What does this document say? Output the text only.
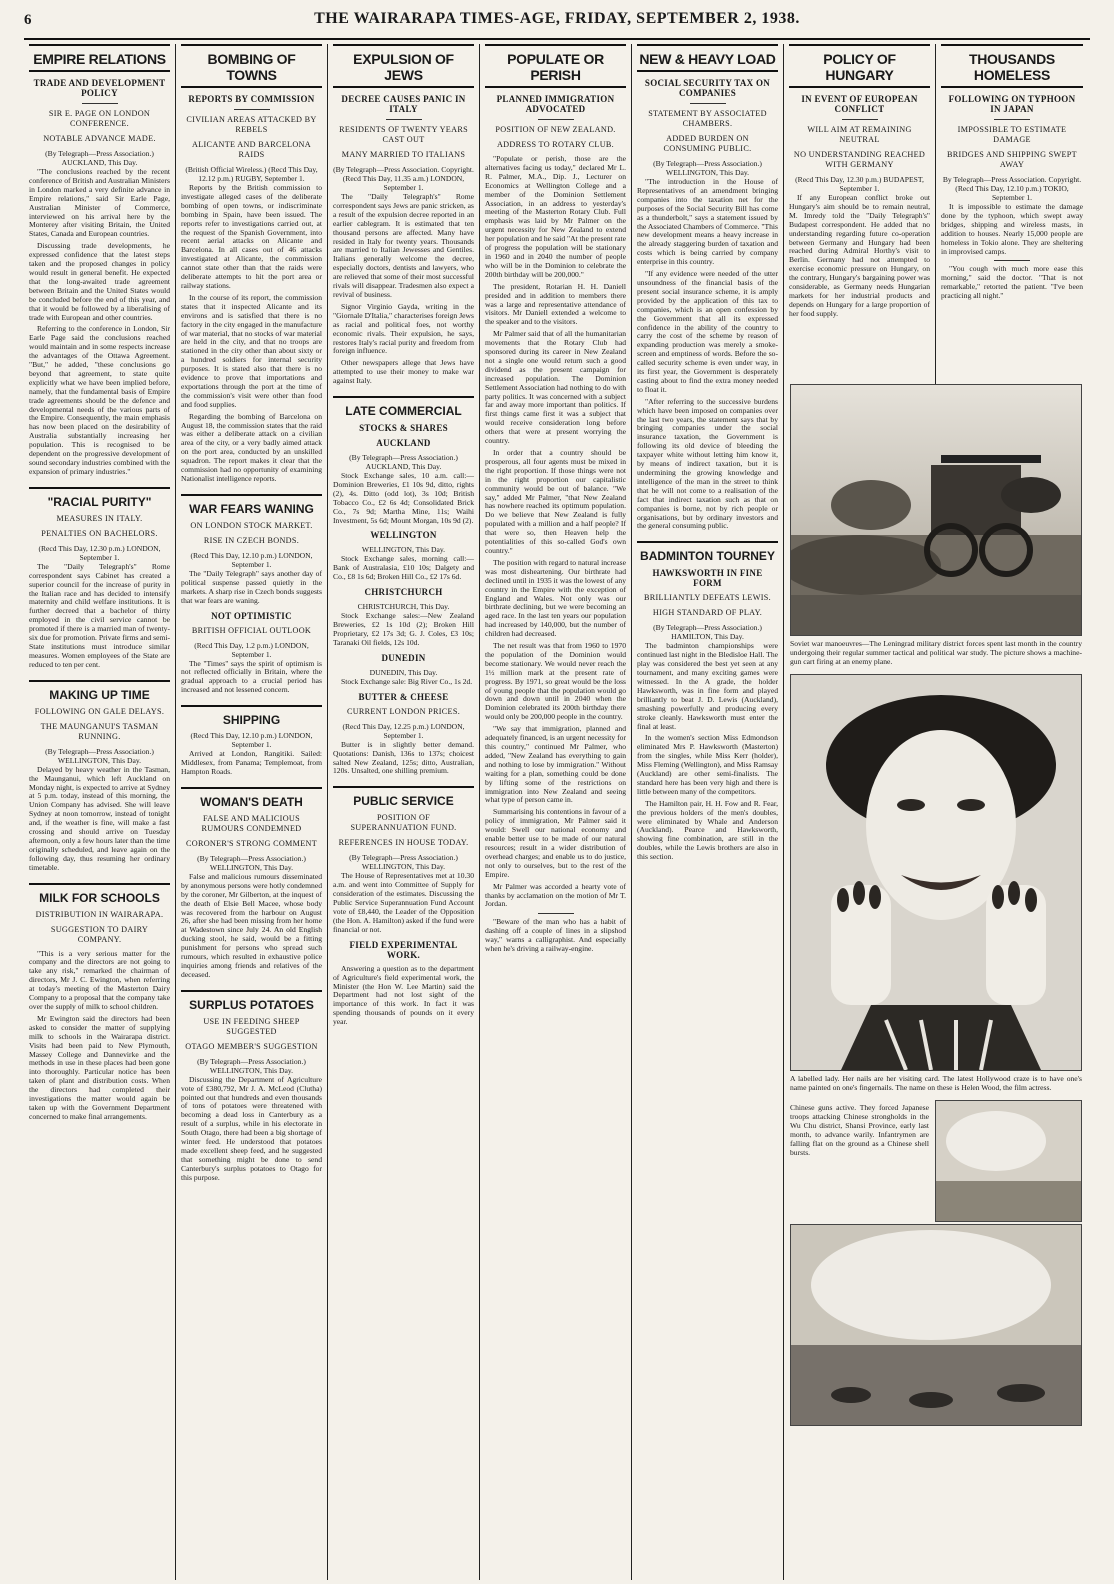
6	THE WAIRARAPA TIMES-AGE, FRIDAY, SEPTEMBER 2, 1938.
EMPIRE RELATIONS
TRADE AND DEVELOPMENT POLICY
SIR E. PAGE ON LONDON CONFERENCE.
NOTABLE ADVANCE MADE.
(By Telegraph—Press Association.) AUCKLAND, This Day.

"The conclusions reached by the recent conference of British and Australian Ministers in London marked a very definite advance in Empire relations," said Sir Earle Page, Australian Minister of Commerce, interviewed on his arrival here by the Monterey after visiting Britain, the United States, Canada and European countries.

Discussing trade developments, he expressed confidence that the latest steps taken and the proposed changes in policy would result in general benefit. He expected that the long-awaited trade agreement between Britain and the United States would be concluded before the end of this year, and that it would be followed by a liberalising of trade with European and other countries.

Referring to the conference in London, Sir Earle Page said the conclusions reached would maintain and in some respects increase the advantages of the Ottawa Agreement. "But," he added, "these conclusions go beyond that agreement, to state quite explicitly what we have been implied before, namely, that the fundamental basis of Empire trade agreements should be the defence and developmental needs of the various parts of the Empire. Consequently, the main emphasis has now been placed on the desirability of Australia substantially increasing her population. This is recognised to be dependent on the progressive development of sound secondary industries combined with the expansion of primary industries."

"RACIAL PURITY"
MEASURES IN ITALY.
PENALTIES ON BACHELORS.
(Recd This Day, 12.30 p.m.) LONDON, September 1.

The "Daily Telegraph's" Rome correspondent says Cabinet has created a superior council for the increase of purity in the Italian race and has decided to intensify maternity and child welfare institutions. It is further decreed that a bachelor of thirty employed in the civil service cannot be promoted if there is a married man of twenty-six due for promotion. Private firms and semi-State institutions must introduce similar measures. Women employees of the State are reduced to ten per cent.

MAKING UP TIME
FOLLOWING ON GALE DELAYS.
THE MAUNGANUI'S TASMAN RUNNING.
(By Telegraph—Press Association.) WELLINGTON, This Day.

Delayed by heavy weather in the Tasman, the Maunganui, which left Auckland on Monday night, is expected to arrive at Sydney at 5 p.m. today, instead of this morning, the Union Company has advised. She will leave Sydney at noon tomorrow, instead of tonight and, if the weather is fine, will make a fast crossing and should arrive on Tuesday afternoon, only a few hours later than the time originally scheduled, and leave again on the following day, thus resuming her ordinary timetable.

MILK FOR SCHOOLS
DISTRIBUTION IN WAIRARAPA.
SUGGESTION TO DAIRY COMPANY.

"This is a very serious matter for the company and the directors are not going to take any risk," remarked the chairman of directors, Mr J. C. Ewington, when referring at today's meeting of the Masterton Dairy Company to a proposal that the company take over the supply of milk to school children.

Mr Ewington said the directors had been asked to consider the matter of supplying milk to schools in the Wairarapa district. Visits had been paid to New Plymouth, Massey College and Dannevirke and the methods in use in these places had been gone into thoroughly. Particular notice has been taken of plant and distribution costs. When the directors had completed their investigations the matter would again be taken up with the Government Department concerned to make final arrangements.

BOMBING OF TOWNS
REPORTS BY COMMISSION
CIVILIAN AREAS ATTACKED BY REBELS
ALICANTE AND BARCELONA RAIDS
(British Official Wireless.) (Recd This Day, 12.12 p.m.) RUGBY, September 1.

Reports by the British commission to investigate alleged cases of the deliberate bombing of open towns, or indiscriminate bombing in Spain, have been issued. The reports refer to investigations carried out, at the request of the Spanish Government, into recent aerial attacks on Alicante and Barcelona. In all cases out of 46 attacks investigated at Alicante, the commission cannot state other than that the raids were deliberate attempts to hit the port area or railway stations.

In the course of its report, the commission states that it inspected Alicante and its environs and is satisfied that there is no factory in the city engaged in the manufacture of war material, that no stocks of war material are held in the city, and that no troops are stationed in the city other than about sixty or a hundred soldiers for internal security purposes. It is stated also that there is no evidence to prove that importations and exportations through the port at the time of the commission's visit were other than food and food supplies.

Regarding the bombing of Barcelona on August 18, the commission states that the raid was either a deliberate attack on a civilian area of the city, or a very badly aimed attack on the port area, conducted by an unskilled squadron. The report makes it clear that the commission had no opportunity of examining Nationalist intelligence reports.

WAR FEARS WANING
ON LONDON STOCK MARKET.
RISE IN CZECH BONDS.
(Recd This Day, 12.10 p.m.) LONDON, September 1.

The "Daily Telegraph" says another day of political suspense passed quietly in the markets. A sharp rise in Czech bonds suggests that war fears are waning.

NOT OPTIMISTIC
BRITISH OFFICIAL OUTLOOK
(Recd This Day, 1.2 p.m.) LONDON, September 1.

The "Times" says the spirit of optimism is not reflected officially in Britain, where the gradual approach to a crucial period has increased and not lessened concern.

SHIPPING
(Recd This Day, 12.10 p.m.) LONDON, September 1.

Arrived at London, Rangitiki. Sailed: Middlesex, from Panama; Templemoat, from Hampton Roads.

WOMAN'S DEATH
FALSE AND MALICIOUS RUMOURS CONDEMNED
CORONER'S STRONG COMMENT
(By Telegraph—Press Association.) WELLINGTON, This Day.

False and malicious rumours disseminated by anonymous persons were hotly condemned by the coroner, Mr Gilberton, at the inquest of the death of Elsie Bell Macee, whose body was recovered from the harbour on August 26, after she had been missing from her home at Wadestown since July 24. An old English ducking stool, he said, would be a fitting punishment for persons who spread such rumours, which resulted in exhaustive police inquiries among friends and relatives of the deceased.

SURPLUS POTATOES
USE IN FEEDING SHEEP SUGGESTED
OTAGO MEMBER'S SUGGESTION
(By Telegraph—Press Association.) WELLINGTON, This Day.

Discussing the Department of Agriculture vote of £380,792, Mr J. A. McLeod (Clutha) pointed out that hundreds and even thousands of tons of potatoes were threatened with becoming a dead loss in Canterbury as a result of a surplus, while in his electorate in South Otago, there had been a big shortage of winter feed. He understood that potatoes made excellent sheep feed, and he suggested that something might be done to send Canterbury's surplus potatoes to Otago for this purpose.

EXPULSION OF JEWS
DECREE CAUSES PANIC IN ITALY
RESIDENTS OF TWENTY YEARS CAST OUT
MANY MARRIED TO ITALIANS
(By Telegraph—Press Association. Copyright. (Recd This Day, 11.35 a.m.) LONDON, September 1.

The "Daily Telegraph's" Rome correspondent says Jews are panic stricken, as a result of the expulsion decree reported in an earlier cablegram. It is estimated that ten thousand persons are affected. Many have resided in Italy for twenty years. Thousands are married to Italian Jewesses and Gentiles. Italians generally welcome the decree, especially doctors, dentists and lawyers, who are relieved that some of their most successful rivals will disappear. Tradesmen also expect a revival of business.

Signor Virginio Gayda, writing in the "Giornale D'Italia," characterises foreign Jews as racial and political foes, not worthy economic rivals. Their expulsion, he says, restores Italy's racial purity and freedom from foreign influence.

Other newspapers allege that Jews have attempted to use their money to make war against Italy.

LATE COMMERCIAL
STOCKS & SHARES
AUCKLAND
(By Telegraph—Press Association.) AUCKLAND, This Day.

Stock Exchange sales, 10 a.m. call:—Dominion Breweries, £1 10s 9d, ditto, rights (2), 4s. Ditto (odd lot), 3s 10d; British Tobacco Co., £2 6s 4d; Consolidated Brick Co., 7s 9d; Martha Mine, 11s; Waihi Investment, 5s 6d; Mount Morgan, 10s 9d (2).

WELLINGTON
WELLINGTON, This Day.

Stock Exchange sales, morning call:—Bank of Australasia, £10 10s; Dalgety and Co., £8 1s 6d; Broken Hill Co., £2 17s 6d.

CHRISTCHURCH
CHRISTCHURCH, This Day.

Stock Exchange sales:—New Zealand Breweries, £2 1s 10d (2); Broken Hill Proprietary, £2 17s 3d; G. J. Coles, £3 10s; Taranaki Oil fields, 12s 10d.

DUNEDIN
DUNEDIN, This Day.

Stock Exchange sale: Big River Co., 1s 2d.

BUTTER & CHEESE
CURRENT LONDON PRICES.
(Recd This Day, 12.25 p.m.) LONDON, September 1.

Butter is in slightly better demand. Quotations: Danish, 136s to 137s; choicest salted New Zealand, 125s; ditto, Australian, 120s. Unsalted, one shilling premium.

PUBLIC SERVICE
POSITION OF SUPERANNUATION FUND.
REFERENCES IN HOUSE TODAY.
(By Telegraph—Press Association.) WELLINGTON, This Day.

The House of Representatives met at 10.30 a.m. and went into Committee of Supply for consideration of the estimates. Discussing the Public Service Superannuation Fund Account vote of £8,440, the Leader of the Opposition (the Hon. A. Hamilton) asked if the fund were financial or not.

FIELD EXPERIMENTAL WORK.

Answering a question as to the department of Agriculture's field experimental work, the Minister (the Hon W. Lee Martin) said the Department had not lost sight of the importance of this work. In fact it was spending thousands of pounds on it every year.

POPULATE OR PERISH
PLANNED IMMIGRATION ADVOCATED
POSITION OF NEW ZEALAND.
ADDRESS TO ROTARY CLUB.

"Populate or perish, those are the alternatives facing us today," declared Mr L. R. Palmer, M.A., Dip. J., Lecturer on Economics at Wellington College and a member of the Dominion Settlement Association, in an address to yesterday's meeting of the Masterton Rotary Club. Full emphasis was laid by Mr Palmer on the urgent necessity for New Zealand to extend her population and he said "At the present rate of progress the population will be stationary in 1960 and in 2040 the number of people who will be in the Dominion to celebrate the 200th birthday will be 200,000."

The president, Rotarian H. H. Daniell presided and in addition to members there was a large and representative attendance of visitors. Mr Daniell extended a welcome to the speaker and to the visitors.

Mr Palmer said that of all the humanitarian movements that the Rotary Club had sponsored during its career in New Zealand not a single one would return such a good dividend as the present campaign for increased population. The Dominion Settlement Association had nothing to do with party politics. It was concerned with a subject far and away more important than politics. If first things came first it was a subject that would receive consideration long before others that were at present worrying the country.

In order that a country should be prosperous, all four agents must be mixed in the right proportion. If those things were not in the right proportion our capitalistic community would be out of balance. "We say," added Mr Palmer, "that New Zealand has nowhere reached its optimum population. Do we believe that New Zealand is fully populated with a million and a half people? If that were so, then Heaven help the potentialities of this so-called God's own country."

The position with regard to natural increase was most disheartening. Our birthrate had declined until in 1935 it was the lowest of any country in the Empire with the exception of England and Wales. Not only was our birthrate declining, but we were becoming an aged race. In the last ten years our population had increased by 140,000, but the number of children had decreased.

The net result was that from 1960 to 1970 the population of the Dominion would become stationary. We would never reach the 1½ million mark at the present rate of progress. By 1971, so great would be the loss of young people that the population would go down and down until in 2040 when the Dominion celebrated its 200th birthday there would only be 200,000 people in the country.

"We say that immigration, planned and adequately financed, is an urgent necessity for this country," continued Mr Palmer, who added, "New Zealand has everything to gain and nothing to lose by immigration." Without waiting for a plan, something could be done by lifting some of the restrictions on immigration into New Zealand and seeing what type of person came in.

Summarising his contentions in favour of a policy of immigration, Mr Palmer said it would: Swell our national economy and enable better use to be made of our natural resources; result in a wider distribution of overhead charges; and enable us to do justice, not only to ourselves, but to the rest of the Empire.

Mr Palmer was accorded a hearty vote of thanks by acclamation on the motion of Mr T. Jordan.

"Beware of the man who has a habit of dashing off a couple of lines in a slipshod way," warns a calligraphist. And especially when he's driving a railway-engine.

NEW & HEAVY LOAD
SOCIAL SECURITY TAX ON COMPANIES
STATEMENT BY ASSOCIATED CHAMBERS.
ADDED BURDEN ON CONSUMING PUBLIC.
(By Telegraph—Press Association.) WELLINGTON, This Day.

"The introduction in the House of Representatives of an amendment bringing companies into the taxation net for the purposes of the Social Security Bill has come as a thunderbolt," says a statement issued by the Associated Chambers of Commerce. "This new development means a heavy increase in the already staggering burden of taxation and costs which is being carried by company enterprise in this country.

"If any evidence were needed of the utter unsoundness of the financial basis of the present social insurance scheme, it is amply provided by the application of this tax to companies, which is an open confession by the Government that all its expressed confidence in the ability of the country to carry the cost of the scheme by reason of expanding production was merely a smoke-screen and emptiness of words. Before the so-called security scheme is even under way, in its first year, the Government is desperately casting about to find the extra money needed to float it.

"After referring to the successive burdens which have been imposed on companies over the last two years, the statement says that by bringing companies under the social insurance taxation, the Government is following its old device of bleeding the taxpayer white without letting him know it, by means of indirect taxation, but it is undermining the growing knowledge and intelligence of the man in the street to think that he will not come to a realisation of the fact that indirect taxation such as that on companies is borne, not by rich people or organisations, but by ordinary investors and the general consuming public.

BADMINTON TOURNEY
HAWKSWORTH IN FINE FORM
BRILLIANTLY DEFEATS LEWIS.
HIGH STANDARD OF PLAY.
(By Telegraph—Press Association.) HAMILTON, This Day.

The badminton championships were continued last night in the Bledisloe Hall. The play was considered the best yet seen at any tournament, and many exciting games were witnessed. In the A grade, the holder Hawksworth, was in fine form and played brilliantly to beat J. D. Lewis (Auckland), smashing powerfully and producing every stroke cleanly. Hawksworth must enter the final at least.

In the women's section Miss Edmondson eliminated Mrs P. Hawksworth (Masterton) from the singles, while Miss Kerr (holder), Miss Fleming (Wellington), and Miss Ramsay (Auckland) are other semi-finalists. The standard here has been very high and there is little between many of the competitors.

The Hamilton pair, H. H. Fow and R. Fear, the previous holders of the men's doubles, were eliminated by Whale and Anderson (Auckland). Pearce and Hawksworth, showing fine combination, are still in the doubles, while the Lewis brothers are also in this section.

POLICY OF HUNGARY
IN EVENT OF EUROPEAN CONFLICT
WILL AIM AT REMAINING NEUTRAL
NO UNDERSTANDING REACHED WITH GERMANY
(Recd This Day, 12.30 p.m.) BUDAPEST, September 1.

If any European conflict broke out Hungary's aim should be to remain neutral, M. Imredy told the "Daily Telegraph's" Budapest correspondent. He added that no understanding regarding future co-operation between Germany and Hungary had been reached during Admiral Horthy's visit to Berlin. Germany had not attempted to exercise economic pressure on Hungary, on the contrary, Hungary's bargaining power was considerable, as Germany needs Hungarian markets for her industrial products and depends on Hungary for a large proportion of her food supply.

THOUSANDS HOMELESS
FOLLOWING ON TYPHOON IN JAPAN
IMPOSSIBLE TO ESTIMATE DAMAGE
BRIDGES AND SHIPPING SWEPT AWAY
By Telegraph—Press Association. Copyright. (Recd This Day, 12.10 p.m.) TOKIO, September 1.

It is impossible to estimate the damage done by the typhoon, which swept away bridges, shipping and wireless masts, in addition to houses. Nearly 15,000 people are homeless in Tokio alone. They are sheltering in improvised camps.

"You cough with much more ease this morning," said the doctor. "That is not remarkable," retorted the patient. "I've been practicing all night."

Soviet war manoeuvres—The Leningrad military district forces spent last month in the country undergoing their regular summer tactical and political war study. The picture shows a machine-gun cart firing at an enemy plane.
A labelled lady. Her nails are her visiting card. The latest Hollywood craze is to have one's name painted on one's fingernails. The name on these is Helen Wood, the film actress.
Chinese guns active. They forced Japanese troops attacking Chinese strongholds in the Wu Chu district, Shansi Province, early last month, to advance warily. Infantrymen are falling flat on the ground as a Chinese shell bursts.
